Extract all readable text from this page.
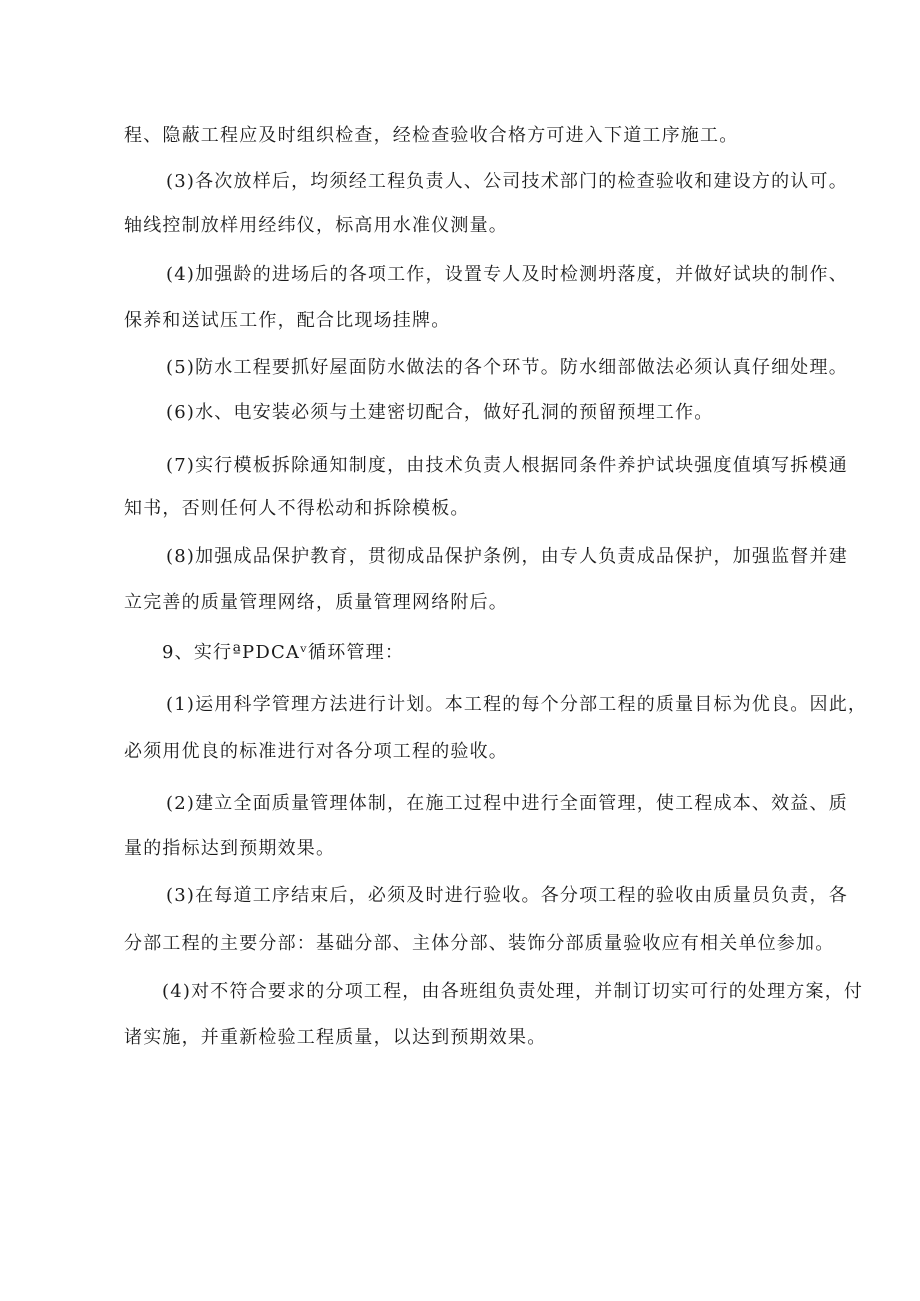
程、隐蔽工程应及时组织检查，经检查验收合格方可进入下道工序施工。
(3)各次放样后，均须经工程负责人、公司技术部门的检查验收和建设方的认可。
轴线控制放样用经纬仪，标高用水准仪测量。
(4)加强龄的进场后的各项工作，设置专人及时检测坍落度，并做好试块的制作、
保养和送试压工作，配合比现场挂牌。
(5)防水工程要抓好屋面防水做法的各个环节。防水细部做法必须认真仔细处理。
(6)水、电安装必须与土建密切配合，做好孔洞的预留预埋工作。
(7)实行模板拆除通知制度，由技术负责人根据同条件养护试块强度值填写拆模通
知书，否则任何人不得松动和拆除模板。
(8)加强成品保护教育，贯彻成品保护条例，由专人负责成品保护，加强监督并建
立完善的质量管理网络，质量管理网络附后。
9、实行ªPDCAᵛ循环管理：
(1)运用科学管理方法进行计划。本工程的每个分部工程的质量目标为优良。因此，
必须用优良的标准进行对各分项工程的验收。
(2)建立全面质量管理体制，在施工过程中进行全面管理，使工程成本、效益、质
量的指标达到预期效果。
(3)在每道工序结束后，必须及时进行验收。各分项工程的验收由质量员负责，各
分部工程的主要分部：基础分部、主体分部、装饰分部质量验收应有相关单位参加。
(4)对不符合要求的分项工程，由各班组负责处理，并制订切实可行的处理方案，付
诸实施，并重新检验工程质量，以达到预期效果。
